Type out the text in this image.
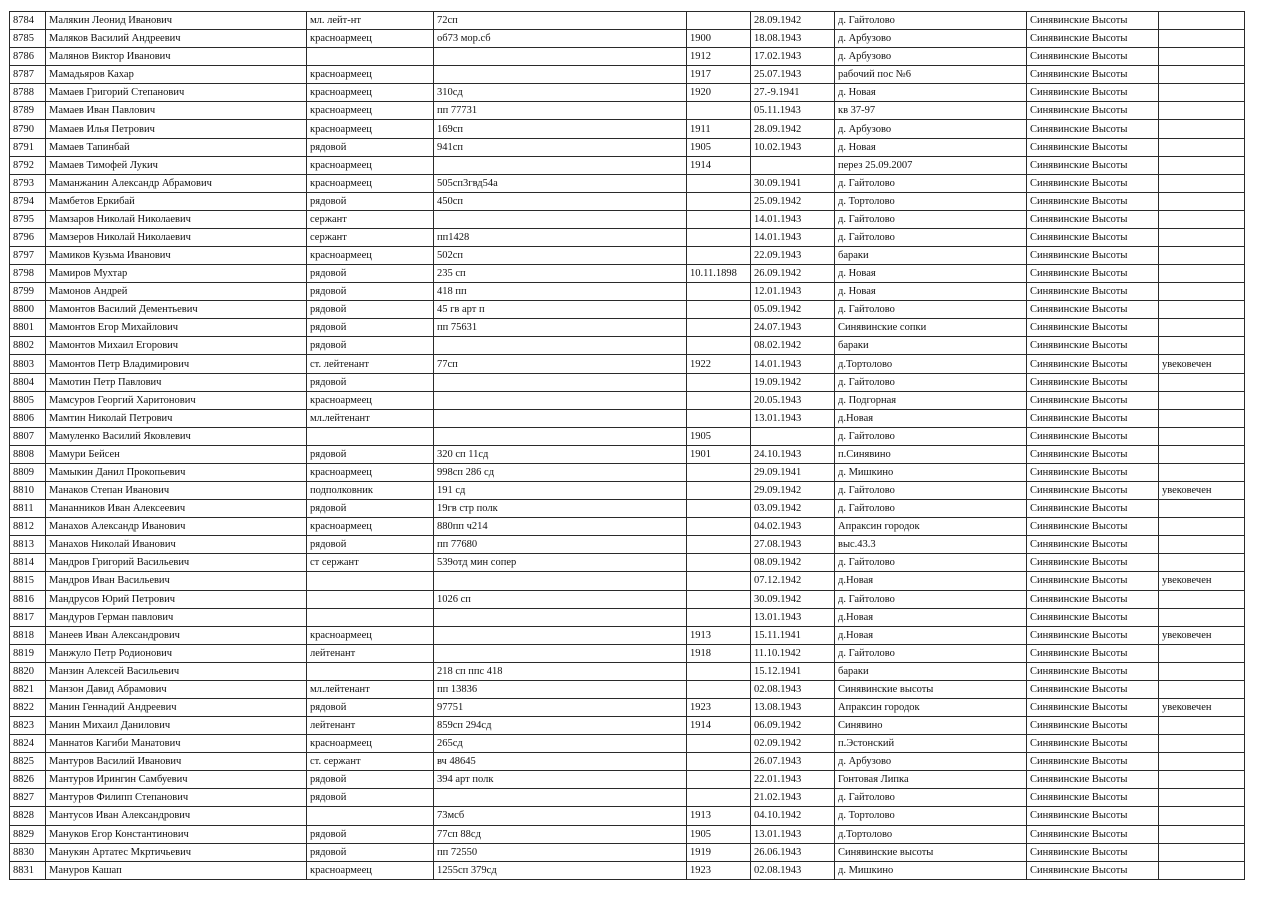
8784	Малякин Леонид Иванович	мл. лейт-нт	72сп		28.09.1942	д. Гайтолово	Синявинские Высоты	
8785	Маляков Василий Андреевич	красноармеец	об73 мор.сб	1900	18.08.1943	д. Арбузово	Синявинские Высоты	
8786	Малянов Виктор Иванович			1912	17.02.1943	д. Арбузово	Синявинские Высоты	
8787	Мамадьяров Кахар	красноармеец		1917	25.07.1943	рабочий пос №6	Синявинские Высоты	
8788	Мамаев Григорий Степанович	красноармеец	310сд	1920	27.-9.1941	д. Новая	Синявинские Высоты	
8789	Мамаев Иван Павлович	красноармеец	пп 77731		05.11.1943	кв 37-97	Синявинские Высоты	
8790	Мамаев Илья Петрович	красноармеец	169сп	1911	28.09.1942	д. Арбузово	Синявинские Высоты	
8791	Мамаев Тапинбай	рядовой	941сп	1905	10.02.1943	д. Новая	Синявинские Высоты	
8792	Мамаев Тимофей Лукич	красноармеец		1914		перез 25.09.2007	Синявинские Высоты	
8793	Маманжанин Александр Абрамович	красноармеец	505сп3гвд54а		30.09.1941	д. Гайтолово	Синявинские Высоты	
8794	Мамбетов Еркибай	рядовой	450сп		25.09.1942	д. Тортолово	Синявинские Высоты	
8795	Мамзаров Николай Николаевич	сержант			14.01.1943	д. Гайтолово	Синявинские Высоты	
8796	Мамзеров Николай Николаевич	сержант	пп1428		14.01.1943	д. Гайтолово	Синявинские Высоты	
8797	Мамиков Кузьма Иванович	красноармеец	502сп		22.09.1943	бараки	Синявинские Высоты	
8798	Мамиров Мухтар	рядовой	235 сп	10.11.1898	26.09.1942	д. Новая	Синявинские Высоты	
8799	Мамонов Андрей	рядовой	418 пп		12.01.1943	д. Новая	Синявинские Высоты	
8800	Мамонтов Василий Дементьевич	рядовой	45 гв арт п		05.09.1942	д. Гайтолово	Синявинские Высоты	
8801	Мамонтов Егор Михайлович	рядовой	пп 75631		24.07.1943	Синявинские сопки	Синявинские Высоты	
8802	Мамонтов Михаил Егорович	рядовой			08.02.1942	бараки	Синявинские Высоты	
8803	Мамонтов Петр Владимирович	ст. лейтенант	77сп	1922	14.01.1943	д.Тортолово	Синявинские Высоты	увековечен
8804	Мамотин Петр Павлович	рядовой			19.09.1942	д. Гайтолово	Синявинские Высоты	
8805	Мамсуров Георгий Харитонович	красноармеец			20.05.1943	д. Подгорная	Синявинские Высоты	
8806	Мамтин Николай Петрович	мл.лейтенант			13.01.1943	д.Новая	Синявинские Высоты	
8807	Мамуленко Василий Яковлевич			1905		д. Гайтолово	Синявинские Высоты	
8808	Мамури Бейсен	рядовой	320 сп 11сд	1901	24.10.1943	п.Синявино	Синявинские Высоты	
8809	Мамыкин Данил Прокопьевич	красноармеец	998сп 286 сд		29.09.1941	д. Мишкино	Синявинские Высоты	
8810	Манаков Степан Иванович	подполковник	191 сд		29.09.1942	д. Гайтолово	Синявинские Высоты	увековечен
8811	Мананников Иван Алексеевич	рядовой	19гв стр полк		03.09.1942	д. Гайтолово	Синявинские Высоты	
8812	Манахов Александр Иванович	красноармеец	880пп ч214		04.02.1943	Апраксин городок	Синявинские Высоты	
8813	Манахов Николай Иванович	рядовой	пп 77680		27.08.1943	выс.43.3	Синявинские Высоты	
8814	Мандров Григорий Васильевич	ст сержант	539отд мин сопер		08.09.1942	д. Гайтолово	Синявинские Высоты	
8815	Мандров Иван Васильевич				07.12.1942	д.Новая	Синявинские Высоты	увековечен
8816	Мандрусов Юрий Петрович		1026 сп		30.09.1942	д. Гайтолово	Синявинские Высоты	
8817	Мандуров Герман павлович				13.01.1943	д.Новая	Синявинские Высоты	
8818	Манеев Иван Александрович	красноармеец		1913	15.11.1941	д.Новая	Синявинские Высоты	увековечен
8819	Манжуло Петр Родионович	лейтенант		1918	11.10.1942	д. Гайтолово	Синявинские Высоты	
8820	Манзин Алексей Васильевич		218 сп ппс 418		15.12.1941	бараки	Синявинские Высоты	
8821	Манзон Давид Абрамович	мл.лейтенант	пп 13836		02.08.1943	Синявинские высоты	Синявинские Высоты	
8822	Манин Геннадий Андреевич	рядовой	97751	1923	13.08.1943	Апраксин городок	Синявинские Высоты	увековечен
8823	Манин Михаил Данилович	лейтенант	859сп 294сд	1914	06.09.1942	Синявино	Синявинские Высоты	
8824	Маннатов Кагиби Манатович	красноармеец	265сд		02.09.1942	п.Эстонский	Синявинские Высоты	
8825	Мантуров Василий Иванович	ст. сержант	вч 48645		26.07.1943	д. Арбузово	Синявинские Высоты	
8826	Мантуров Ирингин Самбуевич	рядовой	394 арт полк		22.01.1943	Гонтовая Липка	Синявинские Высоты	
8827	Мантуров Филипп Степанович	рядовой			21.02.1943	д. Гайтолово	Синявинские Высоты	
8828	Мантусов Иван Александрович		73мсб	1913	04.10.1942	д. Тортолово	Синявинские Высоты	
8829	Мануков Егор Константинович	рядовой	77сп 88сд	1905	13.01.1943	д.Тортолово	Синявинские Высоты	
8830	Манукян Артатес Мкртичьевич	рядовой	пп 72550	1919	26.06.1943	Синявинские высоты	Синявинские Высоты	
8831	Мануров Кашап	красноармеец	1255сп 379сд	1923	02.08.1943	д. Мишкино	Синявинские Высоты	
